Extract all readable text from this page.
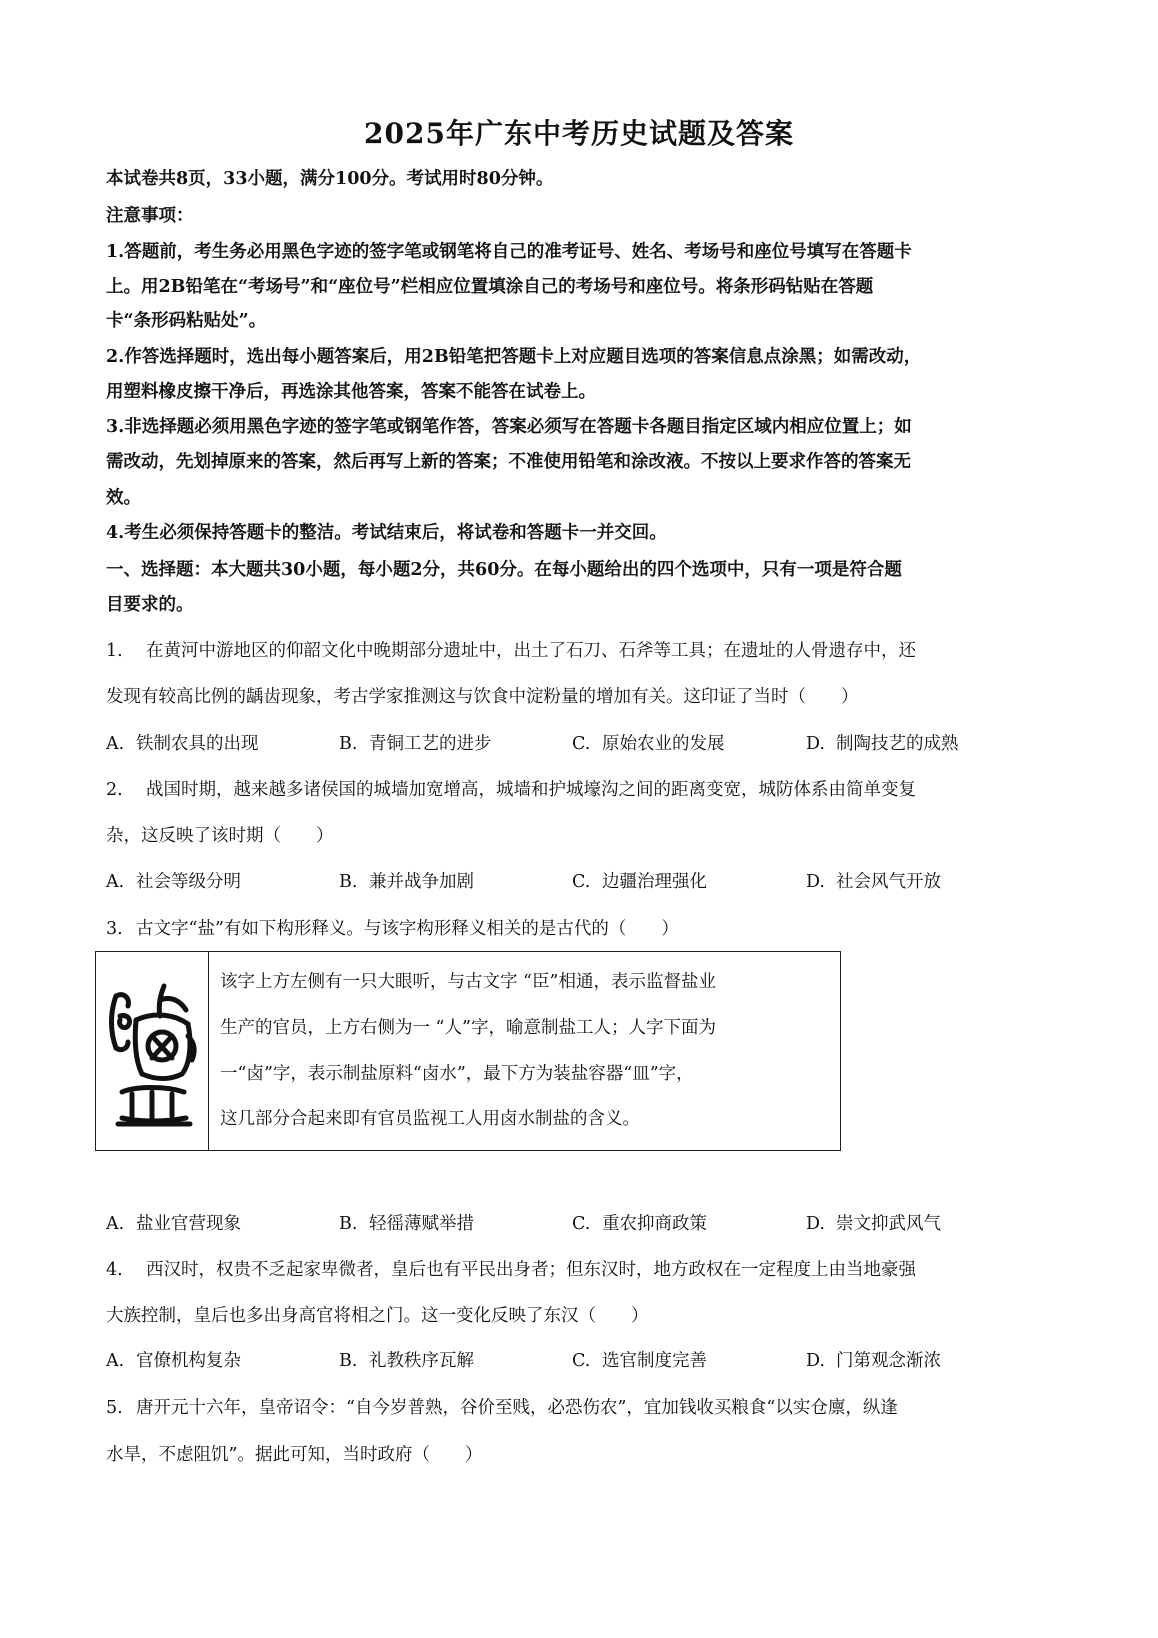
2025年广东中考历史试题及答案
本试卷共8页，33小题，满分100分。考试用时80分钟。
注意事项：
1.答题前，考生务必用黑色字迹的签字笔或钢笔将自己的准考证号、姓名、考场号和座位号填写在答题卡
上。用2B铅笔在“考场号”和“座位号”栏相应位置填涂自己的考场号和座位号。将条形码钻贴在答题
卡“条形码粘贴处”。
2.作答选择题时，选出每小题答案后，用2B铅笔把答题卡上对应题目选项的答案信息点涂黑；如需改动，
用塑料橡皮擦干净后，再选涂其他答案，答案不能答在试卷上。
3.非选择题必须用黑色字迹的签字笔或钢笔作答，答案必须写在答题卡各题目指定区域内相应位置上；如
需改动，先划掉原来的答案，然后再写上新的答案；不准使用铅笔和涂改液。不按以上要求作答的答案无
效。
4.考生必须保持答题卡的整洁。考试结束后，将试卷和答题卡一并交回。
一、选择题：本大题共30小题，每小题2分，共60分。在每小题给出的四个选项中，只有一项是符合题
目要求的。
1. 在黄河中游地区的仰韶文化中晚期部分遗址中，出土了石刀、石斧等工具；在遗址的人骨遗存中，还
发现有较高比例的龋齿现象，考古学家推测这与饮食中淀粉量的增加有关。这印证了当时（　　）
A. 铁制农具的出现	B. 青铜工艺的进步	C. 原始农业的发展	D. 制陶技艺的成熟
2. 战国时期，越来越多诸侯国的城墙加宽增高，城墙和护城壕沟之间的距离变宽，城防体系由简单变复
杂，这反映了该时期（　　）
A. 社会等级分明	B. 兼并战争加剧	C. 边疆治理强化	D. 社会风气开放
3. 古文字“盐”有如下构形释义。与该字构形释义相关的是古代的（　　）
该字上方左侧有一只大眼听，与古文字 “臣”相通，表示监督盐业
生产的官员，上方右侧为一 “人”字，喻意制盐工人；人字下面为
一“卤”字，表示制盐原料“卤水”，最下方为装盐容器“皿”字，
这几部分合起来即有官员监视工人用卤水制盐的含义。
A. 盐业官营现象	B. 轻徭薄赋举措	C. 重农抑商政策	D. 崇文抑武风气
4. 西汉时，权贵不乏起家卑微者，皇后也有平民出身者；但东汉时，地方政权在一定程度上由当地豪强
大族控制，皇后也多出身高官将相之门。这一变化反映了东汉（　　）
A. 官僚机构复杂	B. 礼教秩序瓦解	C. 选官制度完善	D. 门第观念渐浓
5. 唐开元十六年，皇帝诏令：“自今岁普熟，谷价至贱，必恐伤农”，宜加钱收买粮食“以实仓廪，纵逢
水旱，不虑阻饥”。据此可知，当时政府（　　）
